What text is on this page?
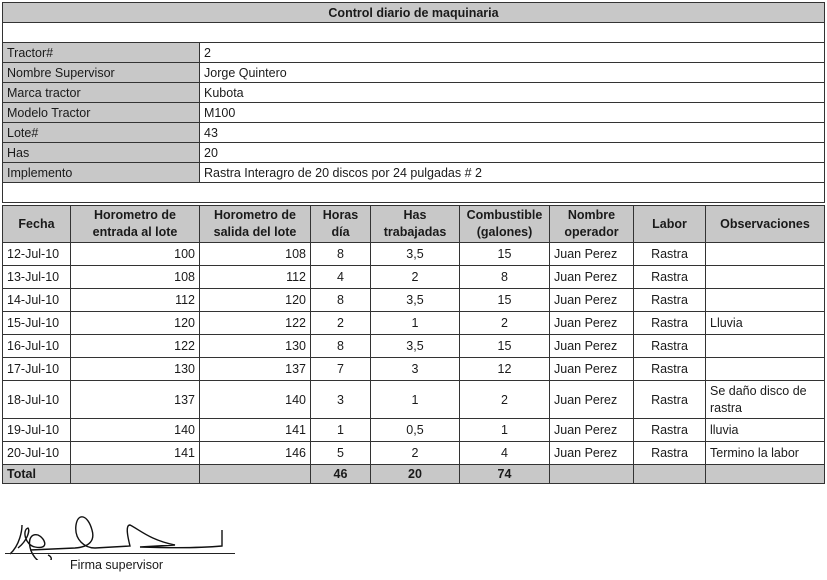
Control diario de maquinaria	

Tractor#	2
Nombre Supervisor	Jorge Quintero
Marca tractor	Kubota
Modelo Tractor	M100
Lote#	43
Has	20
Implemento	Rastra Interagro de 20 discos por 24 pulgadas # 2

Fecha	Horometro de entrada al lote	Horometro de salida del lote	Horas día	Has trabajadas	Combustible (galones)	Nombre operador	Labor	Observaciones
12-Jul-10	100	108	8	3,5	15	Juan Perez	Rastra	
13-Jul-10	108	112	4	2	8	Juan Perez	Rastra	
14-Jul-10	112	120	8	3,5	15	Juan Perez	Rastra	
15-Jul-10	120	122	2	1	2	Juan Perez	Rastra	Lluvia
16-Jul-10	122	130	8	3,5	15	Juan Perez	Rastra	
17-Jul-10	130	137	7	3	12	Juan Perez	Rastra	
18-Jul-10	137	140	3	1	2	Juan Perez	Rastra	Se daño disco de rastra
19-Jul-10	140	141	1	0,5	1	Juan Perez	Rastra	lluvia
20-Jul-10	141	146	5	2	4	Juan Perez	Rastra	Termino la labor
Total			46	20	74			
Firma supervisor
